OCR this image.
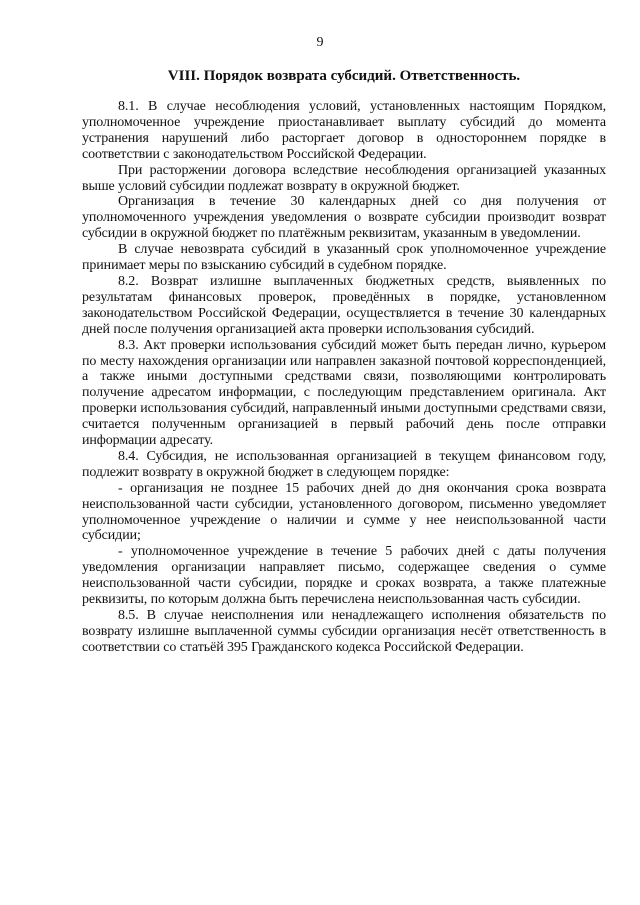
9
VIII. Порядок возврата субсидий. Ответственность.

8.1. В случае несоблюдения условий, установленных настоящим Порядком, уполномоченное учреждение приостанавливает выплату субсидий до момента устранения нарушений либо расторгает договор в одностороннем порядке в соответствии с законодательством Российской Федерации.

При расторжении договора вследствие несоблюдения организацией указанных выше условий субсидии подлежат возврату в окружной бюджет.

Организация в течение 30 календарных дней со дня получения от уполномоченного учреждения уведомления о возврате субсидии производит возврат субсидии в окружной бюджет по платёжным реквизитам, указанным в уведомлении.

В случае невозврата субсидий в указанный срок уполномоченное учреждение принимает меры по взысканию субсидий в судебном порядке.

8.2. Возврат излишне выплаченных бюджетных средств, выявленных по результатам финансовых проверок, проведённых в порядке, установленном законодательством Российской Федерации, осуществляется в течение 30 календарных дней после получения организацией акта проверки использования субсидий.

8.3. Акт проверки использования субсидий может быть передан лично, курьером по месту нахождения организации или направлен заказной почтовой корреспонденцией, а также иными доступными средствами связи, позволяющими контролировать получение адресатом информации, с последующим представлением оригинала. Акт проверки использования субсидий, направленный иными доступными средствами связи, считается полученным организацией в первый рабочий день после отправки информации адресату.

8.4. Субсидия, не использованная организацией в текущем финансовом году, подлежит возврату в окружной бюджет в следующем порядке:

- организация не позднее 15 рабочих дней до дня окончания срока возврата неиспользованной части субсидии, установленного договором, письменно уведомляет уполномоченное учреждение о наличии и сумме у нее неиспользованной части субсидии;

- уполномоченное учреждение в течение 5 рабочих дней с даты получения уведомления организации направляет письмо, содержащее сведения о сумме неиспользованной части субсидии, порядке и сроках возврата, а также платежные реквизиты, по которым должна быть перечислена неиспользованная часть субсидии.

8.5. В случае неисполнения или ненадлежащего исполнения обязательств по возврату излишне выплаченной суммы субсидии организация несёт ответственность в соответствии со статьёй 395 Гражданского кодекса Российской Федерации.
